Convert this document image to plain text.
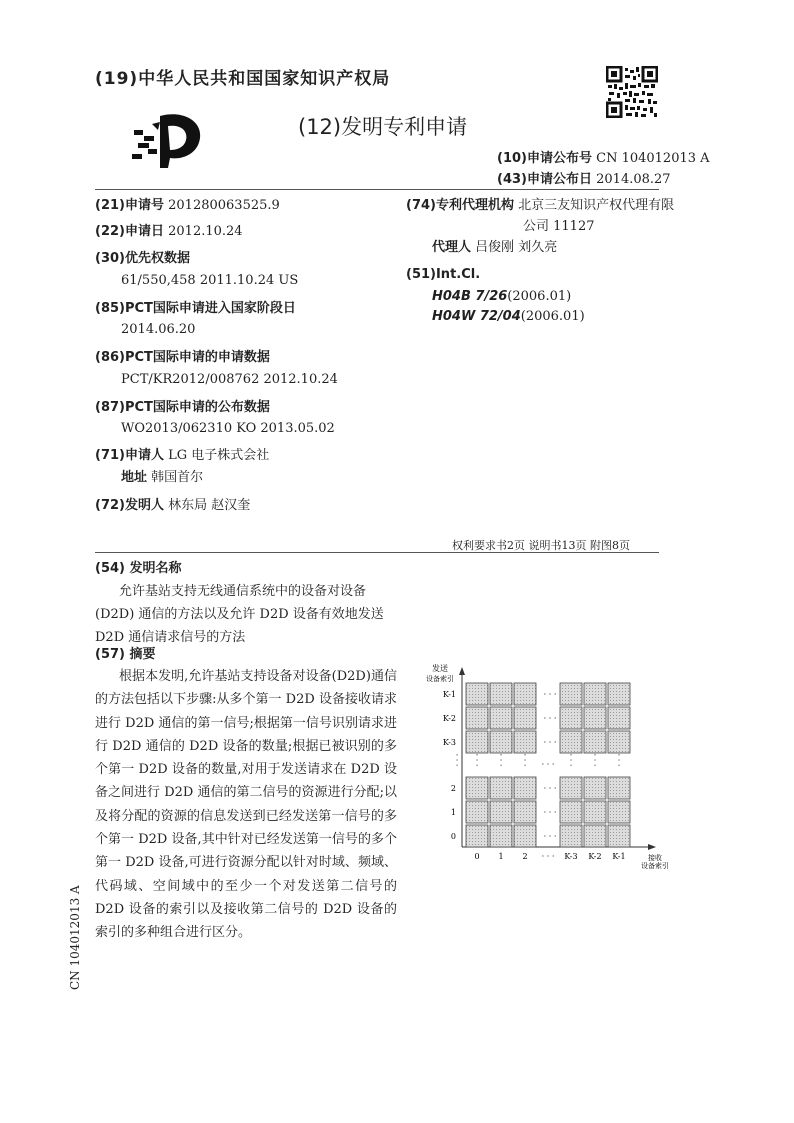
(19)中华人民共和国国家知识产权局
(12)发明专利申请
(10)申请公布号 CN 104012013 A
(43)申请公布日 2014.08.27
(21)申请号 201280063525.9
(22)申请日 2012.10.24
(30)优先权数据
61/550,458 2011.10.24 US
(85)PCT国际申请进入国家阶段日
2014.06.20
(86)PCT国际申请的申请数据
PCT/KR2012/008762 2012.10.24
(87)PCT国际申请的公布数据
WO2013/062310 KO 2013.05.02
(71)申请人 LG 电子株式会社
地址 韩国首尔
(72)发明人 林东局 赵汉奎
(74)专利代理机构 北京三友知识产权代理有限
公司 11127
代理人 吕俊刚 刘久亮
(51)Int.Cl.
H04B 7/26(2006.01)
H04W 72/04(2006.01)
权利要求书2页 说明书13页 附图8页
(54) 发明名称
允许基站支持无线通信系统中的设备对设备(D2D) 通信的方法以及允许 D2D 设备有效地发送 D2D 通信请求信号的方法
(57) 摘要
根据本发明,允许基站支持设备对设备(D2D)通信的方法包括以下步骤:从多个第一 D2D 设备接收请求进行 D2D 通信的第一信号;根据第一信号识别请求进行 D2D 通信的 D2D 设备的数量;根据已被识别的多个第一 D2D 设备的数量,对用于发送请求在 D2D 设备之间进行 D2D 通信的第二信号的资源进行分配;以及将分配的资源的信息发送到已经发送第一信号的多个第一 D2D 设备,其中针对已经发送第一信号的多个第一 D2D 设备,可进行资源分配以针对时域、频域、代码域、空间域中的至少一个对发送第二信号的 D2D 设备的索引以及接收第二信号的 D2D 设备的索引的多种组合进行区分。
CN 104012013 A
· · ·
· · ·
· · ·
· · ·
· · ·
· · ·
· · · · · · · · ·	· · · · · · · · ·
· · ·	· · ·
发送
设备索引
接收
设备索引
K-1
K-2
K-3
2
1
0
0 1 2	K-3 K-2 K-1
· · ·
